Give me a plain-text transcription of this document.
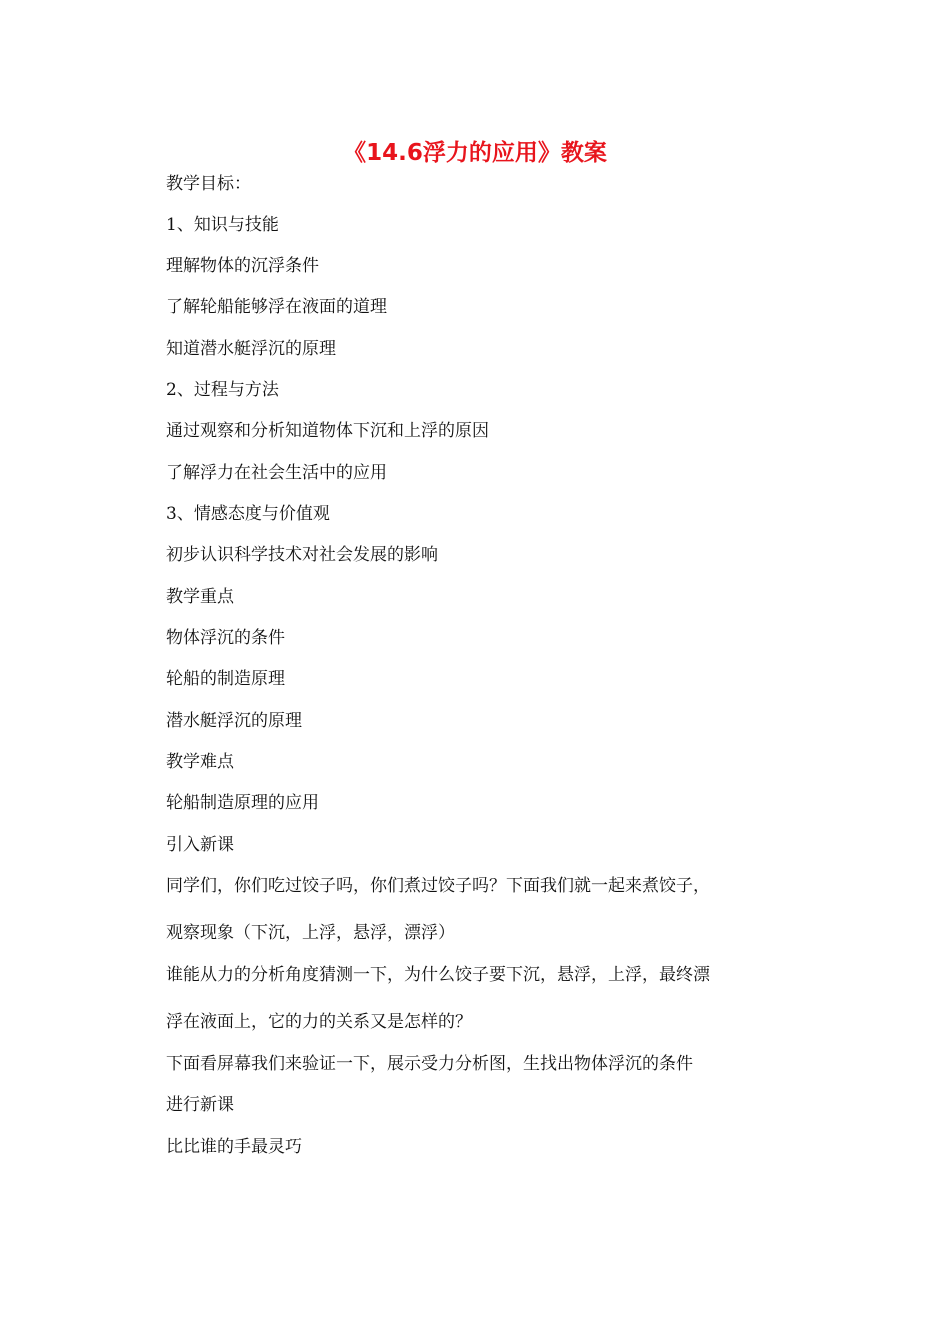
《14.6浮力的应用》教案

教学目标：

1、知识与技能

理解物体的沉浮条件

了解轮船能够浮在液面的道理

知道潜水艇浮沉的原理

2、过程与方法

通过观察和分析知道物体下沉和上浮的原因

了解浮力在社会生活中的应用

3、情感态度与价值观

初步认识科学技术对社会发展的影响

教学重点

物体浮沉的条件

轮船的制造原理

潜水艇浮沉的原理

教学难点

轮船制造原理的应用

引入新课

同学们，你们吃过饺子吗，你们煮过饺子吗？下面我们就一起来煮饺子，

观察现象（下沉，上浮，悬浮，漂浮）

谁能从力的分析角度猜测一下，为什么饺子要下沉，悬浮，上浮，最终漂

浮在液面上，它的力的关系又是怎样的？

下面看屏幕我们来验证一下，展示受力分析图，生找出物体浮沉的条件

进行新课

比比谁的手最灵巧
